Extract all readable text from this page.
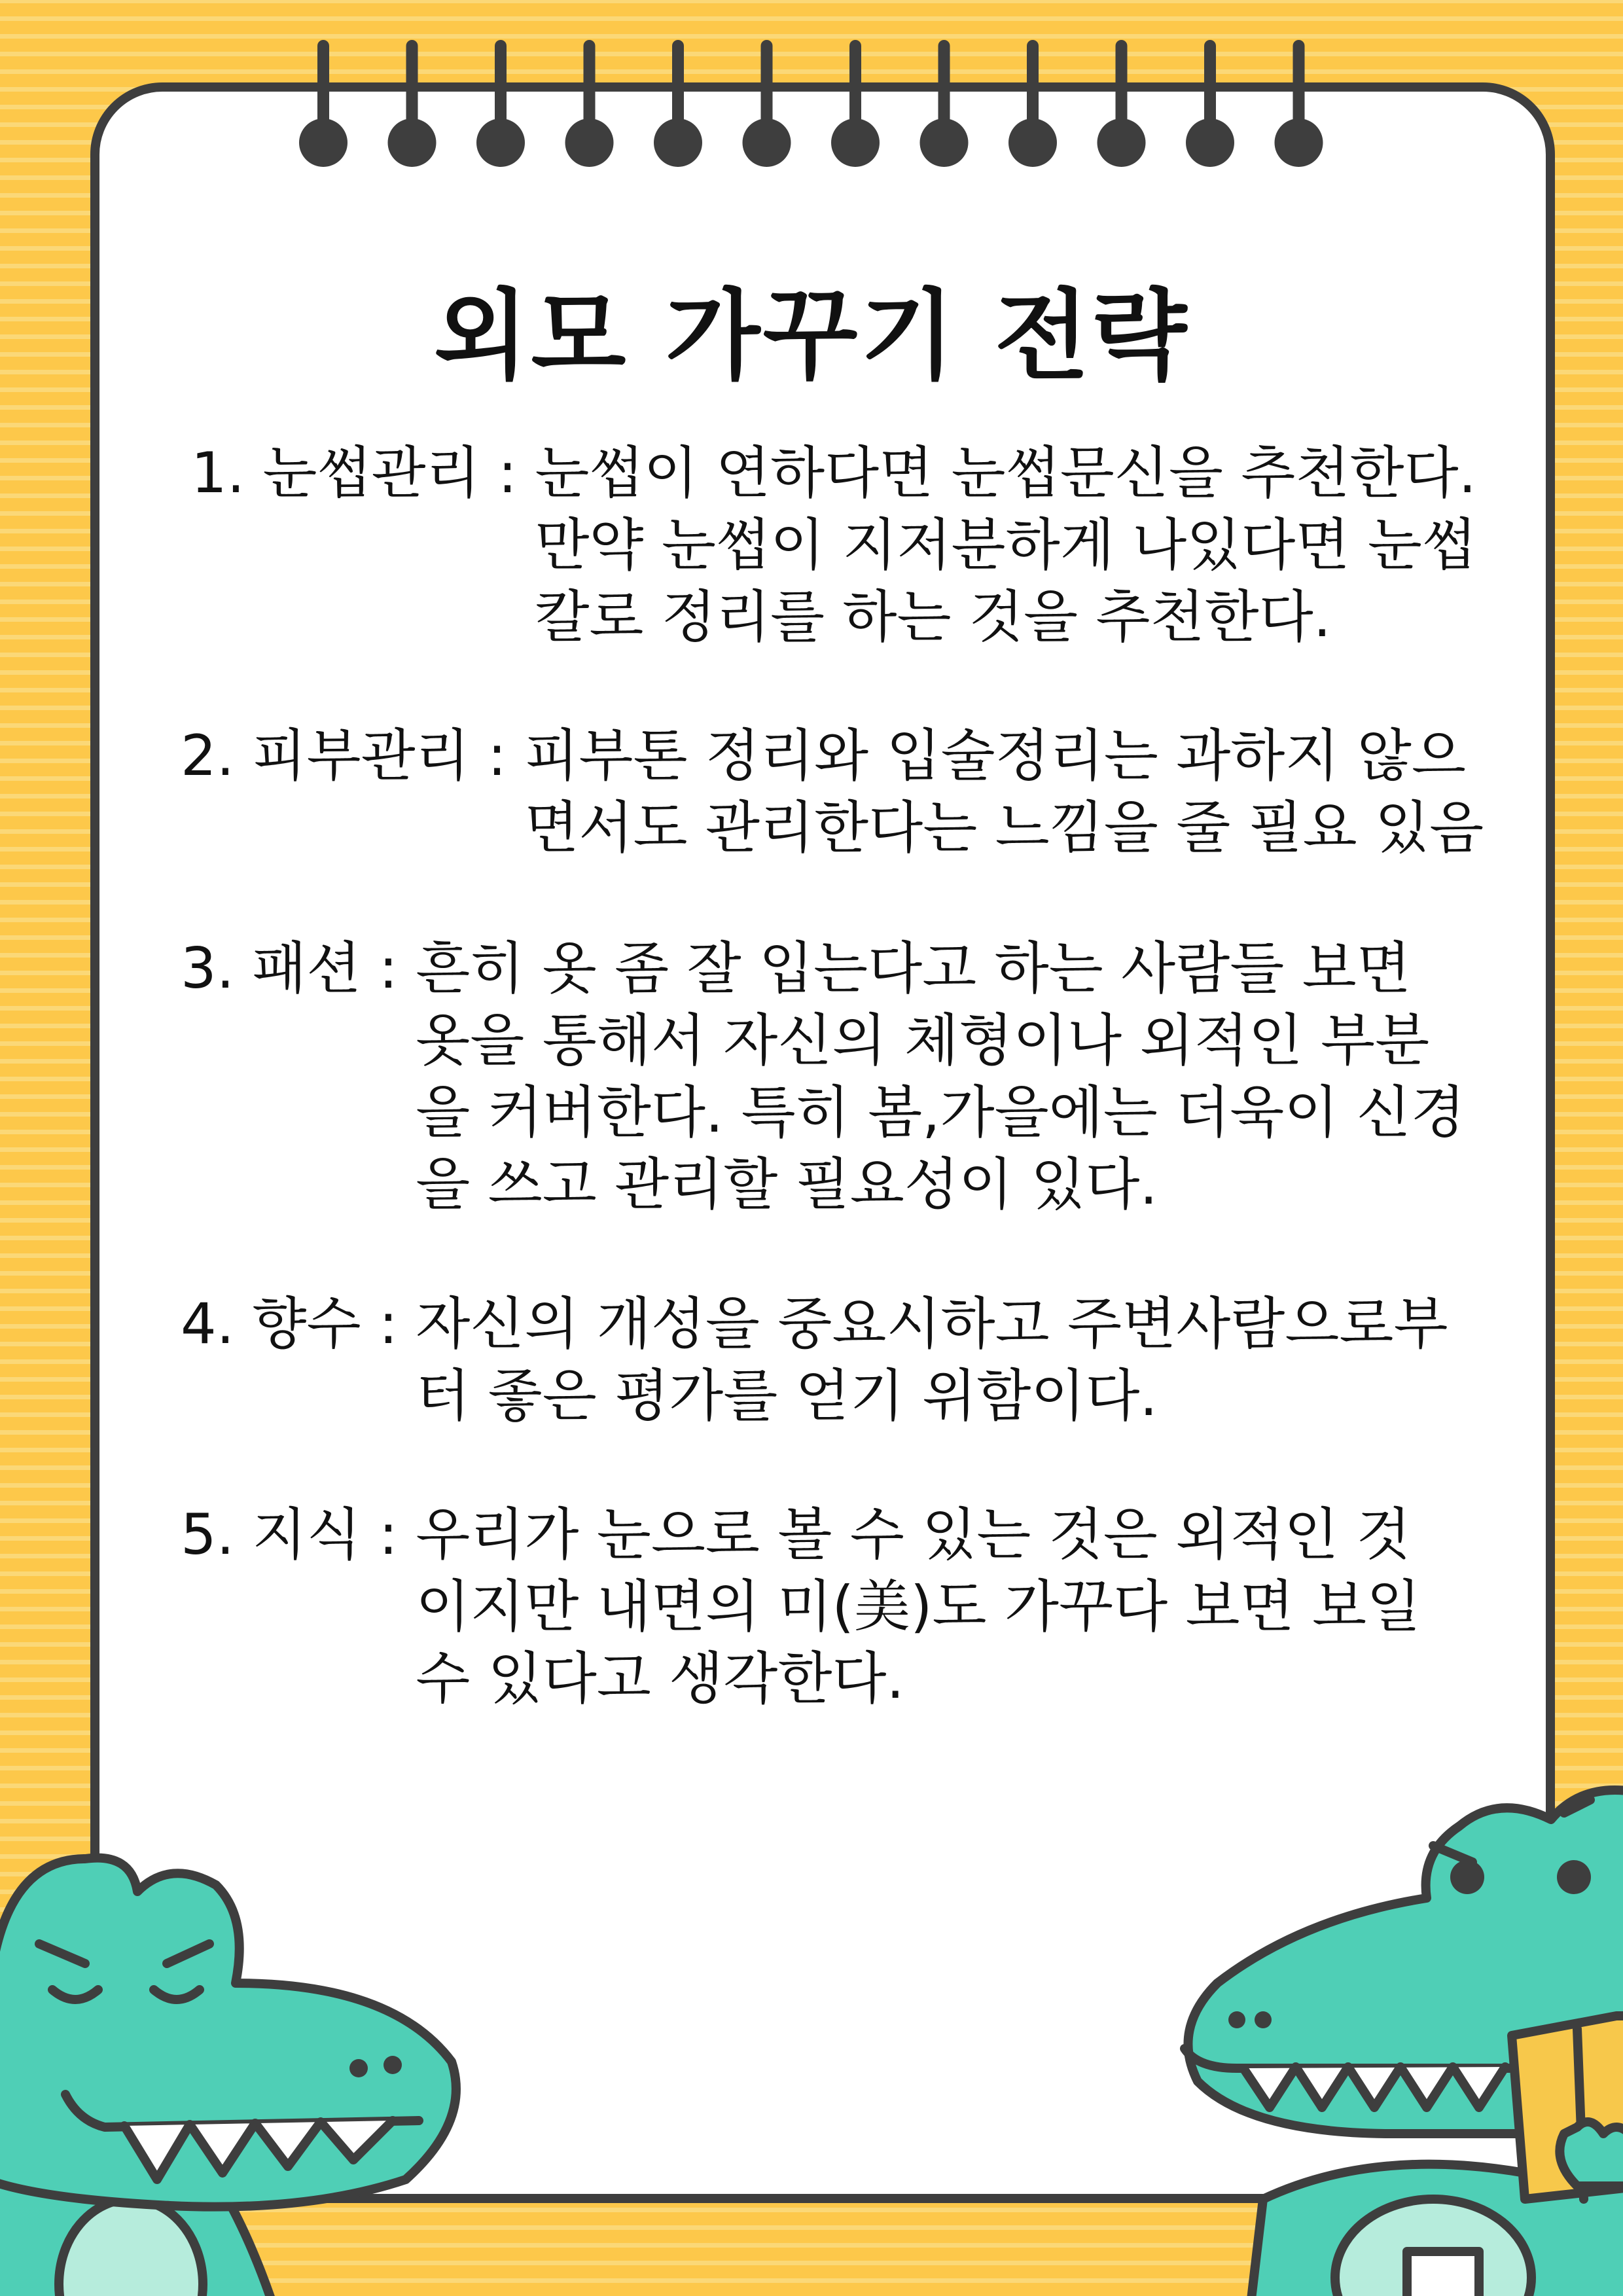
외모 가꾸기 전략
1. 눈썹관리 : 눈썹이 연하다면 눈썹문신을 추천한다.
만약 눈썹이 지저분하게 나있다면 눈썹
칼로 정리를 하는 것을 추천한다.
2. 피부관리 : 피부톤 정리와 입술정리는 과하지 않으
면서도 관리한다는 느낌을 줄 필요 있음
3. 패션 : 흔히 옷 좀 잘 입는다고 하는 사람들 보면
옷을 통해서 자신의 체형이나 외적인 부분
을 커버한다. 특히 봄,가을에는 더욱이 신경
을 쓰고 관리할 필요성이 있다.
4. 향수 : 자신의 개성을 중요시하고 주변사람으로부
터 좋은 평가를 얻기 위함이다.
5. 지식 : 우리가 눈으로 볼 수 있는 것은 외적인 것
이지만 내면의 미(美)도 가꾸다 보면 보일
수 있다고 생각한다.
